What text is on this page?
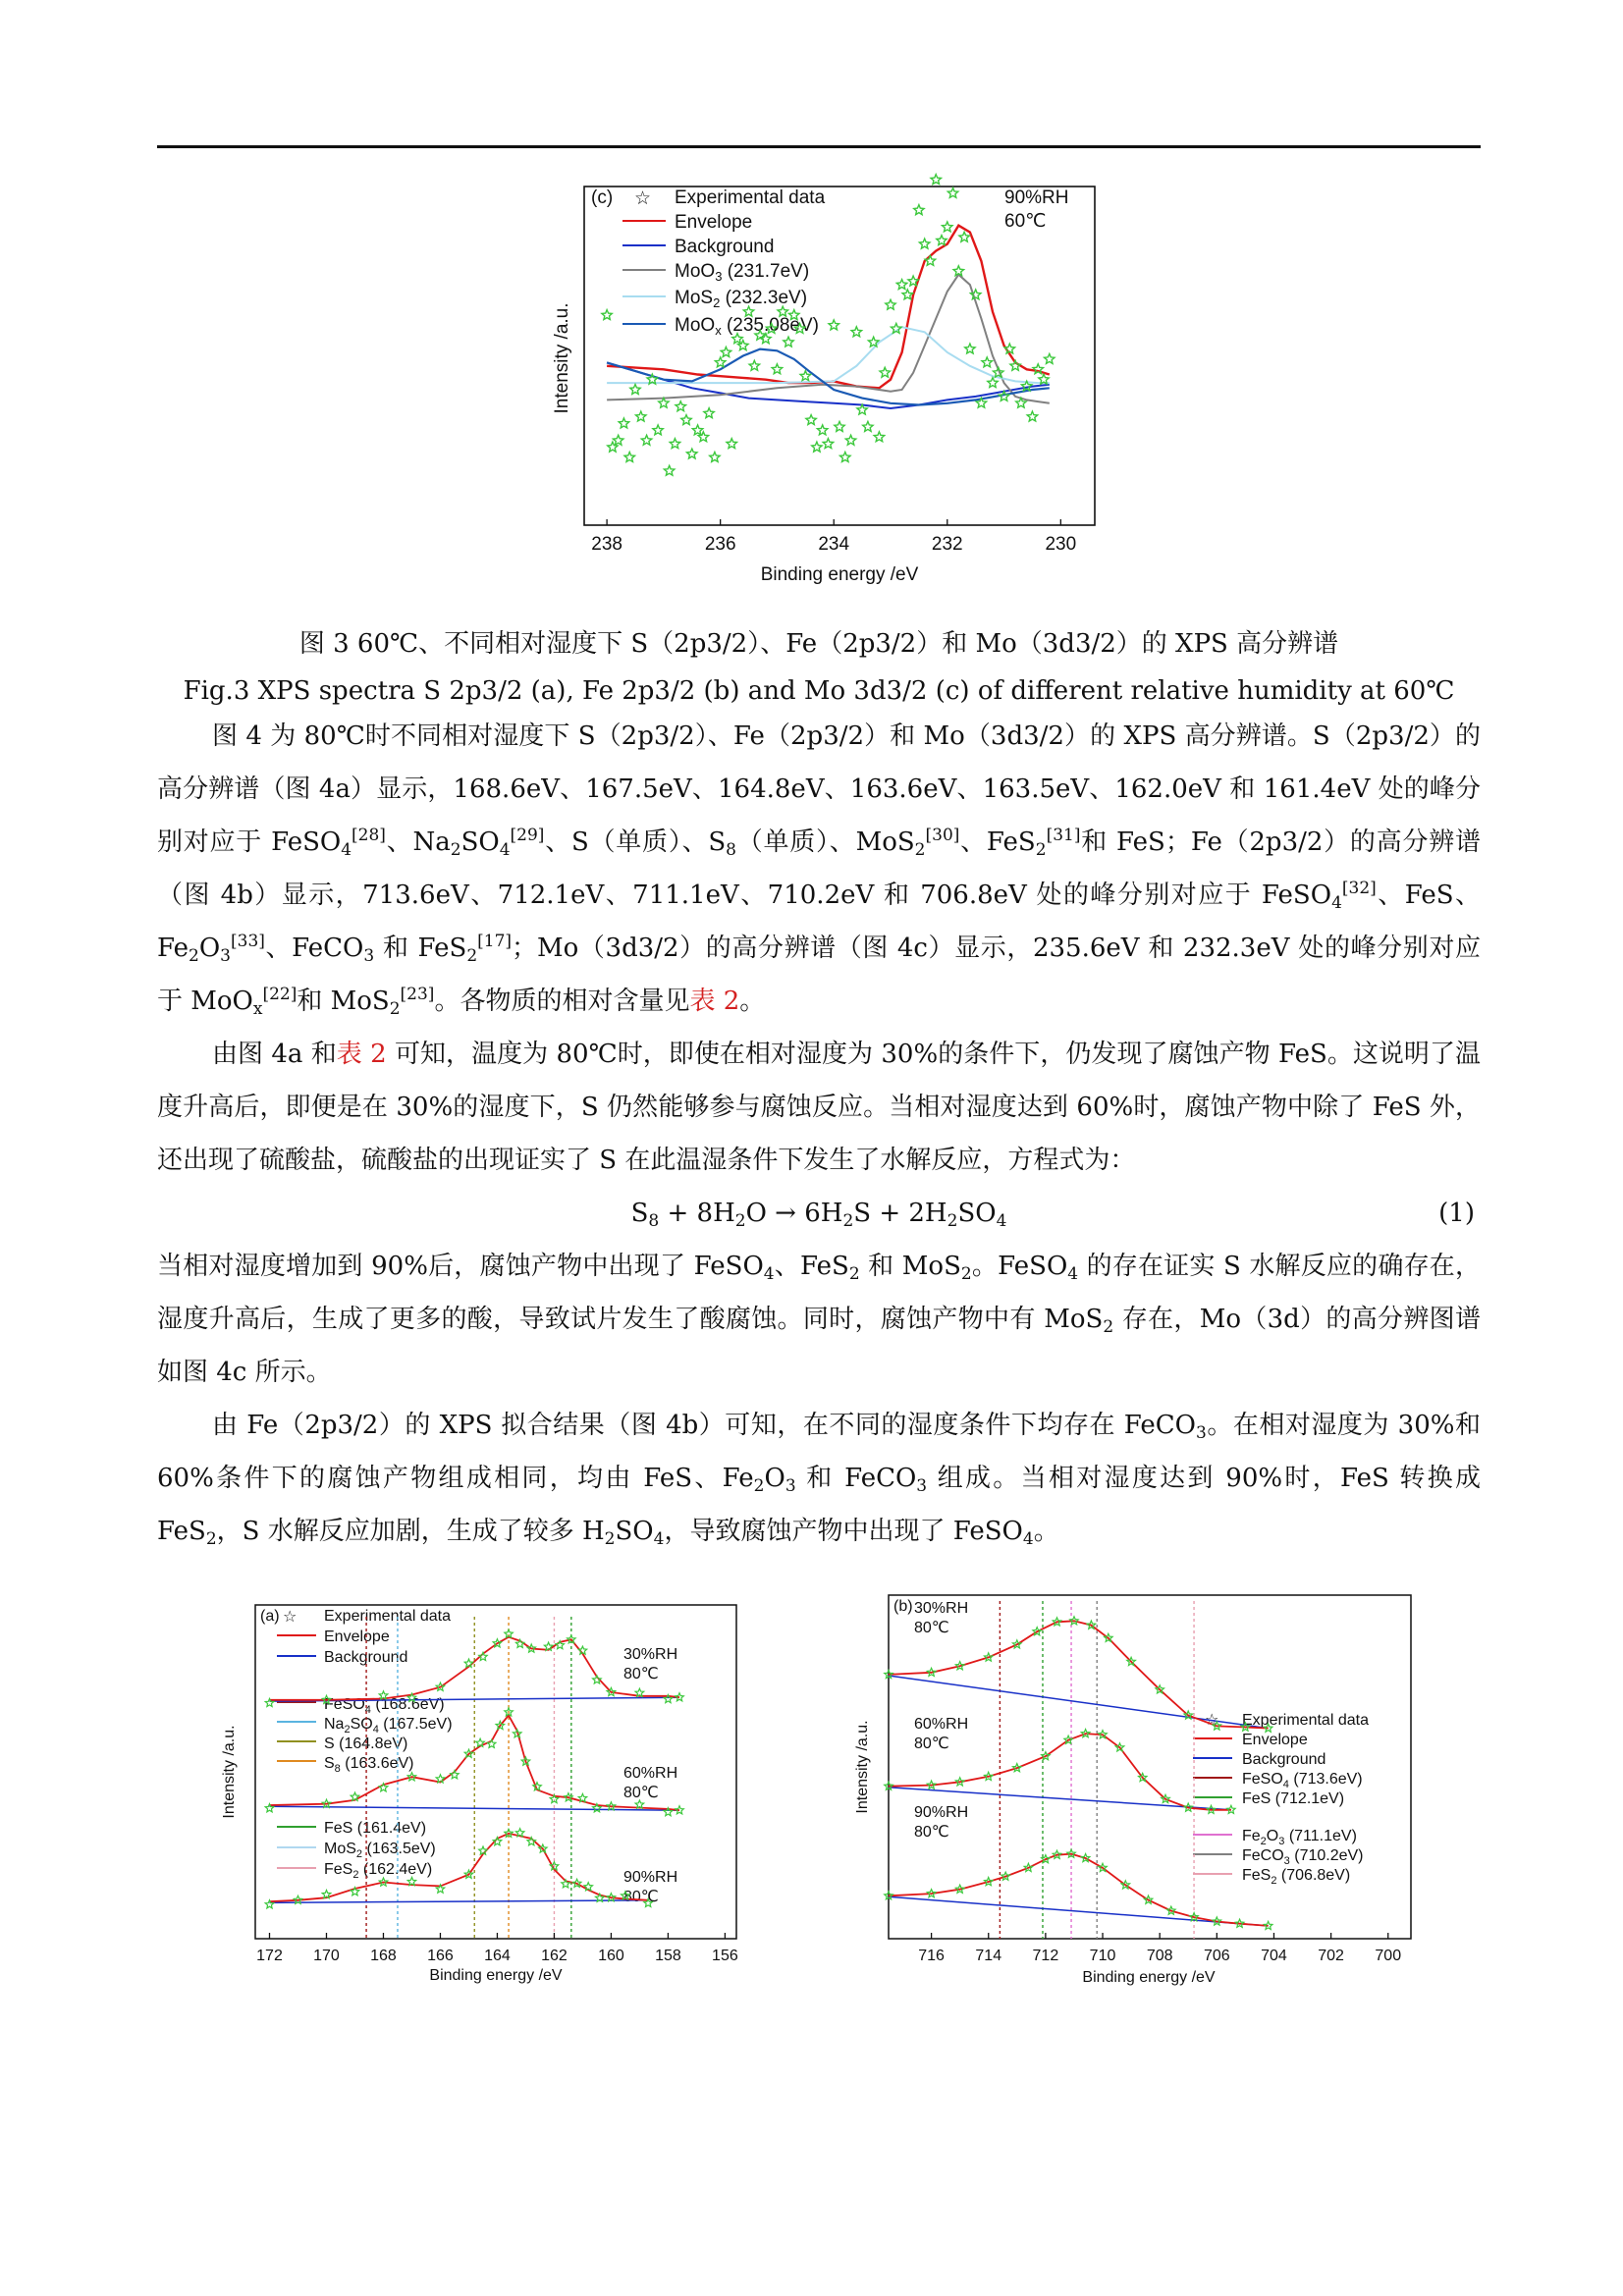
(c)	90%RH
60℃
☆ Experimental data
Envelope
Background
MoO$_3$ (231.7eV)
MoS$_2$ (232.3eV)
MoO$_x$ (235.08eV)
238	236	234	232	230
Intensity /a.u.
Binding energy /eV
图 3 60℃、不同相对湿度下 S（2p3/2）、Fe（2p3/2）和 Mo（3d3/2）的 XPS 高分辨谱
Fig.3 XPS spectra S 2p3/2 (a), Fe 2p3/2 (b) and Mo 3d3/2 (c) of different relative humidity at 60℃

图 4 为 80℃时不同相对湿度下 S（2p3/2）、Fe（2p3/2）和 Mo（3d3/2）的 XPS 高分辨谱。S（2p3/2）的高分辨谱（图 4a）显示，168.6eV、167.5eV、164.8eV、163.6eV、163.5eV、162.0eV 和 161.4eV 处的峰分别对应于 FeSO$_4$[28]、$Na_2SO_4[29]$、S（单质）、$S_8$（单质）、MoS$_2$[30]、FeS$_2$[31]和 FeS；Fe（2p3/2）的高分辨谱（图 4b）显示，713.6eV、712.1eV、711.1eV、710.2eV 和 706.8eV 处的峰分别对应于 FeSO$_4$[32]、FeS、$Fe_2O_3[33]$、FeCO$_3$ 和 FeS$_2$[17]；Mo（3d3/2）的高分辨谱（图 4c）显示，235.6eV 和 232.3eV 处的峰分别对应于 MoO$_x$[22]和 MoS$_2$[23]。各物质的相对含量见表 2。

由图 4a 和表 2 可知，温度为 80℃时，即使在相对湿度为 30%的条件下，仍发现了腐蚀产物 FeS。这说明了温度升高后，即便是在 30%的湿度下，S 仍然能够参与腐蚀反应。当相对湿度达到 60%时，腐蚀产物中除了 FeS 外，还出现了硫酸盐，硫酸盐的出现证实了 S 在此温湿条件下发生了水解反应，方程式为：

$S_8 + 8H_2O \to 6H_2S + 2H_2SO_4$	(1)

当相对湿度增加到 90%后，腐蚀产物中出现了 FeSO$_4$、FeS$_2$ 和 MoS$_2$。FeSO$_4$ 的存在证实 S 水解反应的确存在，湿度升高后，生成了更多的酸，导致试片发生了酸腐蚀。同时，腐蚀产物中有 MoS$_2$ 存在，Mo（3d）的高分辨图谱如图 4c 所示。

由 Fe（2p3/2）的 XPS 拟合结果（图 4b）可知，在不同的湿度条件下均存在 FeCO$_3$。在相对湿度为 30%和 60%条件下的腐蚀产物组成相同，均由 FeS、$Fe_2O_3$ 和 FeCO$_3$ 组成。当相对湿度达到 90%时，FeS 转换成 FeS$_2$，S 水解反应加剧，生成了较多 $H_2SO_4$，导致腐蚀产物中出现了 FeSO$_4$。

(a) ☆ Experimental data
Envelope
Background
FeSO$_4$ (168.6eV)
$Na_2SO_4$ (167.5eV)
S (164.8eV)
$S_8$ (163.6eV)
FeS (161.4eV)
MoS$_2$ (163.5eV)
FeS$_2$ (162.4eV)
30%RH
80℃
60%RH
80℃
90%RH
80℃
172 170 168 166 164 162 160 158 156
Intensity /a.u.
Binding energy /eV
(b) 30%RH
80℃
60%RH
80℃
90%RH
80℃
☆ Experimental data
Envelope
Background
FeSO$_4$ (713.6eV)
FeS (712.1eV)
$Fe_2O_3$ (711.1eV)
FeCO$_3$ (710.2eV)
FeS$_2$ (706.8eV)
716 714 712 710 708 706 704 702 700
Intensity /a.u.
Binding energy /eV
